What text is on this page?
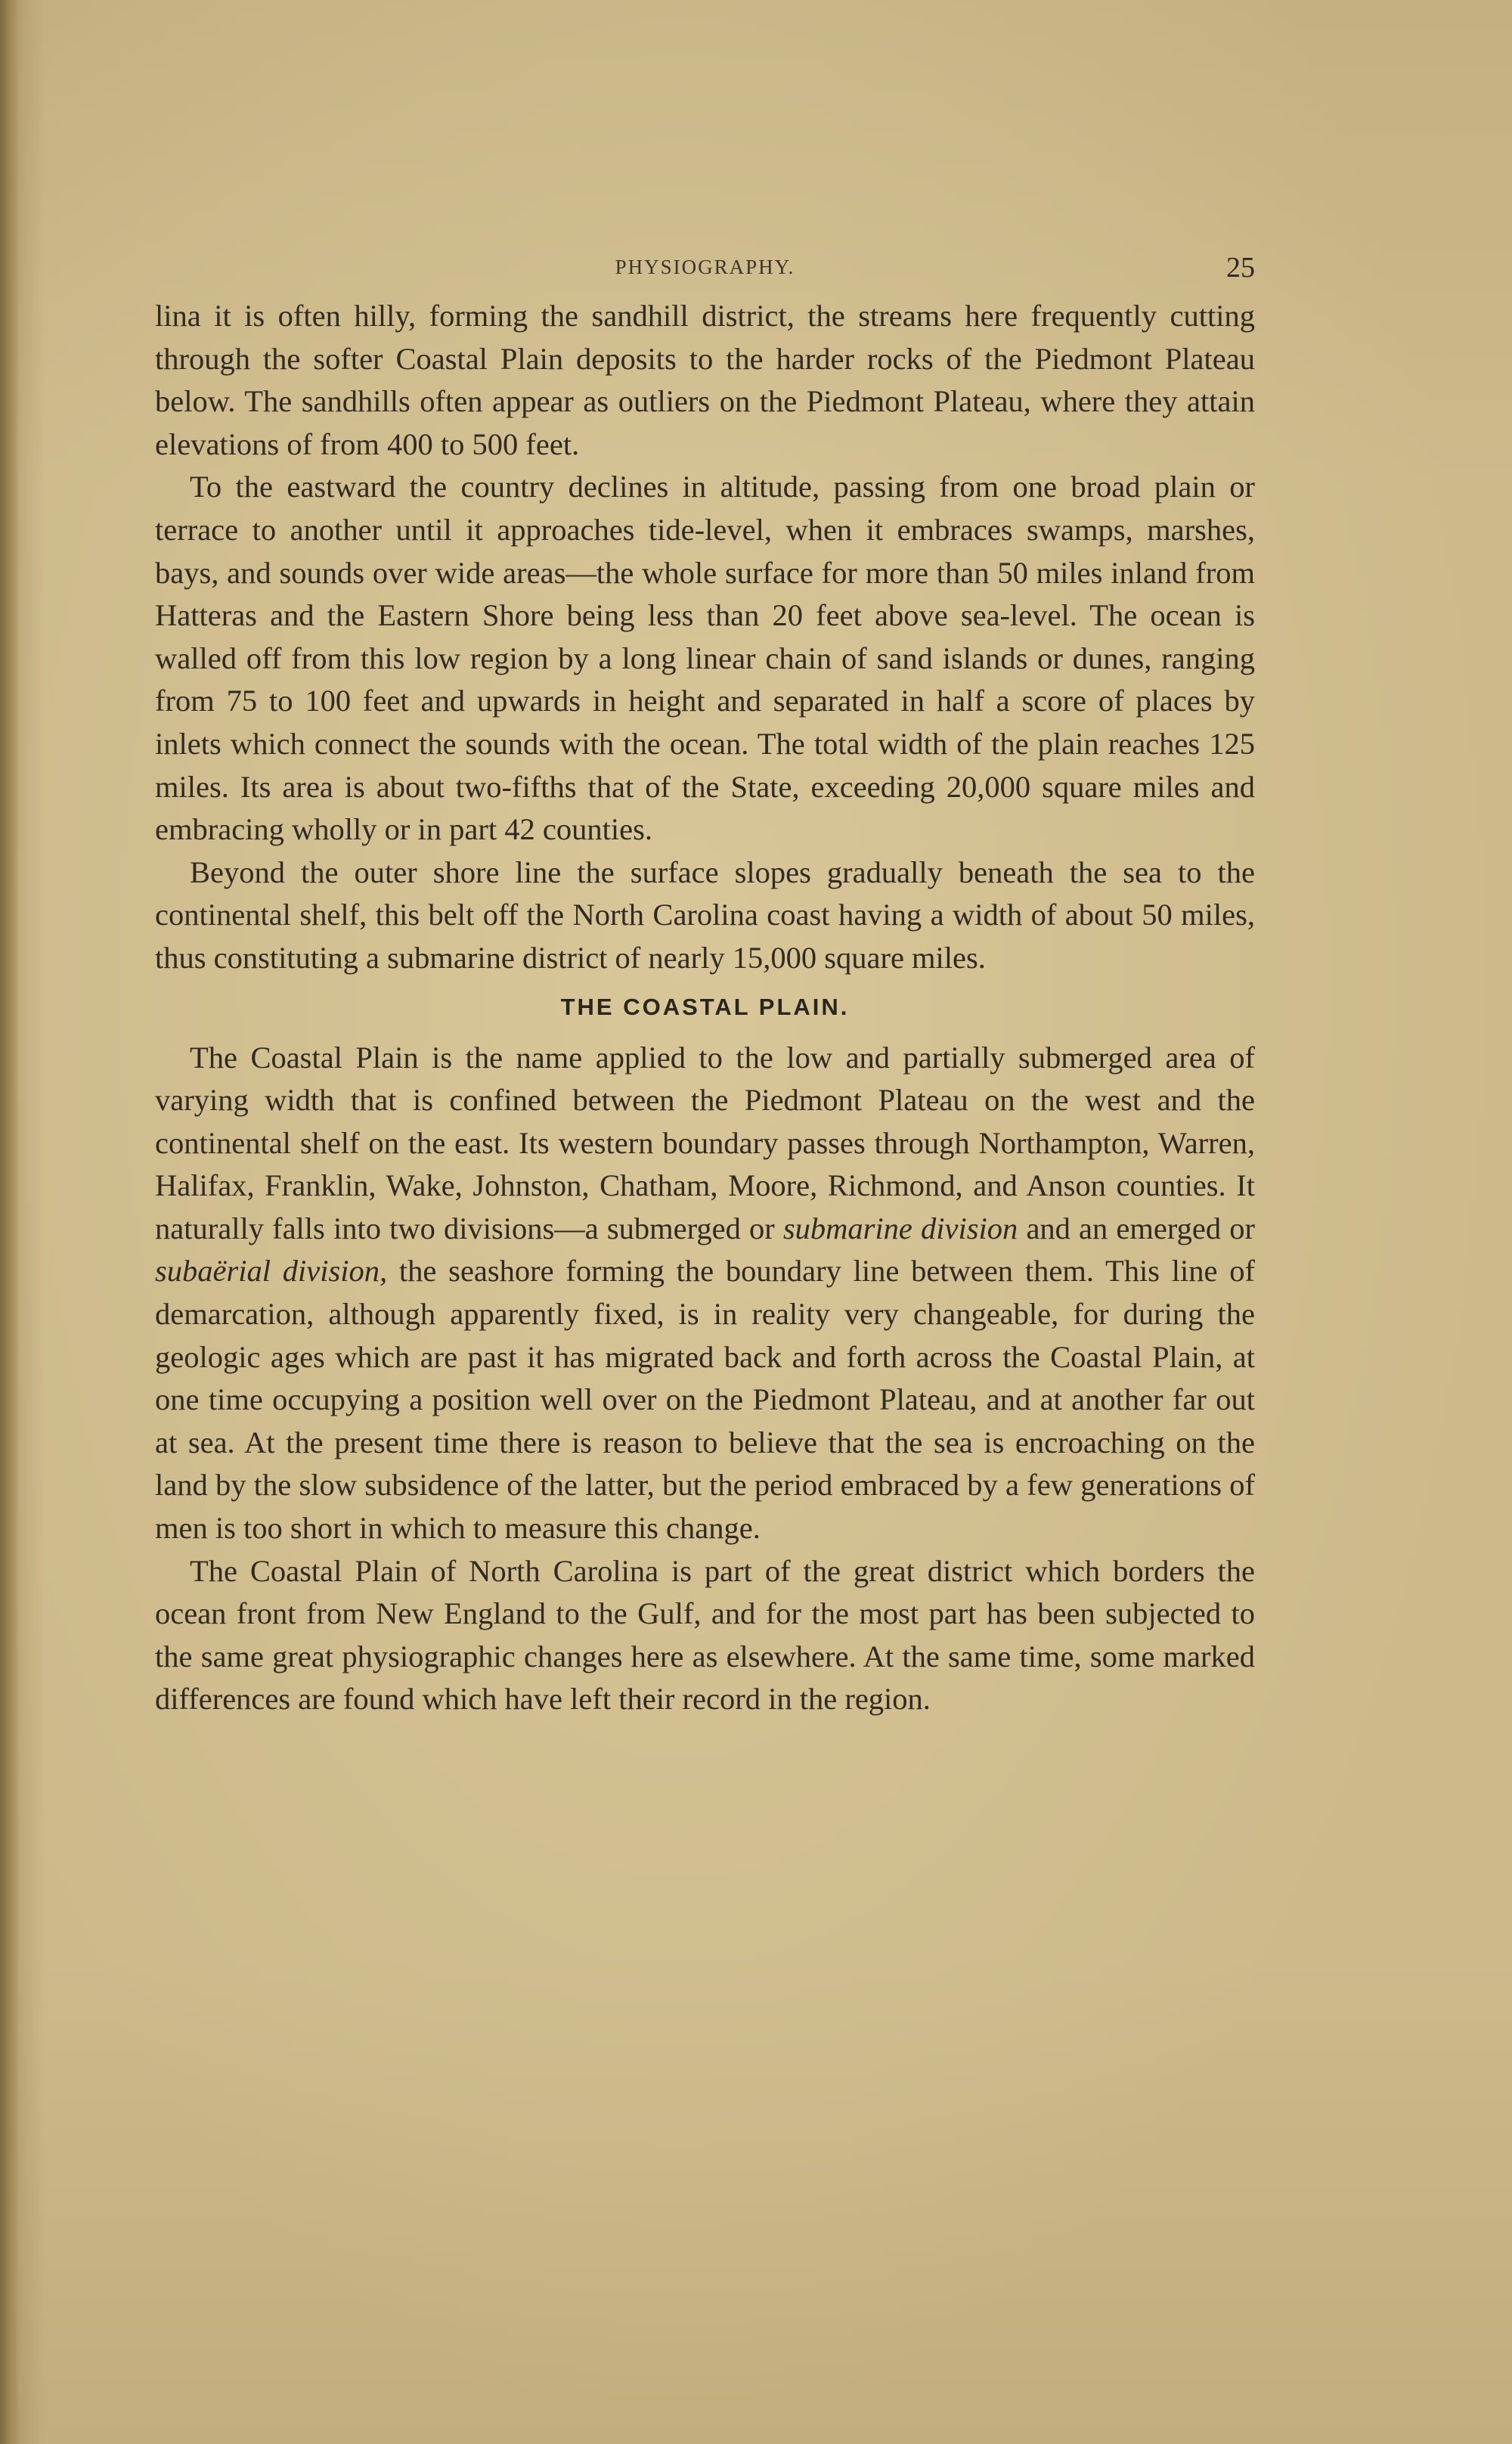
PHYSIOGRAPHY.	25

lina it is often hilly, forming the sandhill district, the streams here frequently cutting through the softer Coastal Plain deposits to the harder rocks of the Piedmont Plateau below. The sandhills often appear as outliers on the Piedmont Plateau, where they attain elevations of from 400 to 500 feet.

To the eastward the country declines in altitude, passing from one broad plain or terrace to another until it approaches tide-level, when it embraces swamps, marshes, bays, and sounds over wide areas—the whole surface for more than 50 miles inland from Hatteras and the Eastern Shore being less than 20 feet above sea-level. The ocean is walled off from this low region by a long linear chain of sand islands or dunes, ranging from 75 to 100 feet and upwards in height and separated in half a score of places by inlets which connect the sounds with the ocean. The total width of the plain reaches 125 miles. Its area is about two-fifths that of the State, exceeding 20,000 square miles and embracing wholly or in part 42 counties.

Beyond the outer shore line the surface slopes gradually beneath the sea to the continental shelf, this belt off the North Carolina coast having a width of about 50 miles, thus constituting a submarine district of nearly 15,000 square miles.

THE COASTAL PLAIN.

The Coastal Plain is the name applied to the low and partially submerged area of varying width that is confined between the Piedmont Plateau on the west and the continental shelf on the east. Its western boundary passes through Northampton, Warren, Halifax, Franklin, Wake, Johnston, Chatham, Moore, Richmond, and Anson counties. It naturally falls into two divisions—a submerged or submarine division and an emerged or subaërial division, the seashore forming the boundary line between them. This line of demarcation, although apparently fixed, is in reality very changeable, for during the geologic ages which are past it has migrated back and forth across the Coastal Plain, at one time occupying a position well over on the Piedmont Plateau, and at another far out at sea. At the present time there is reason to believe that the sea is encroaching on the land by the slow subsidence of the latter, but the period embraced by a few generations of men is too short in which to measure this change.

The Coastal Plain of North Carolina is part of the great district which borders the ocean front from New England to the Gulf, and for the most part has been subjected to the same great physiographic changes here as elsewhere. At the same time, some marked differences are found which have left their record in the region.
